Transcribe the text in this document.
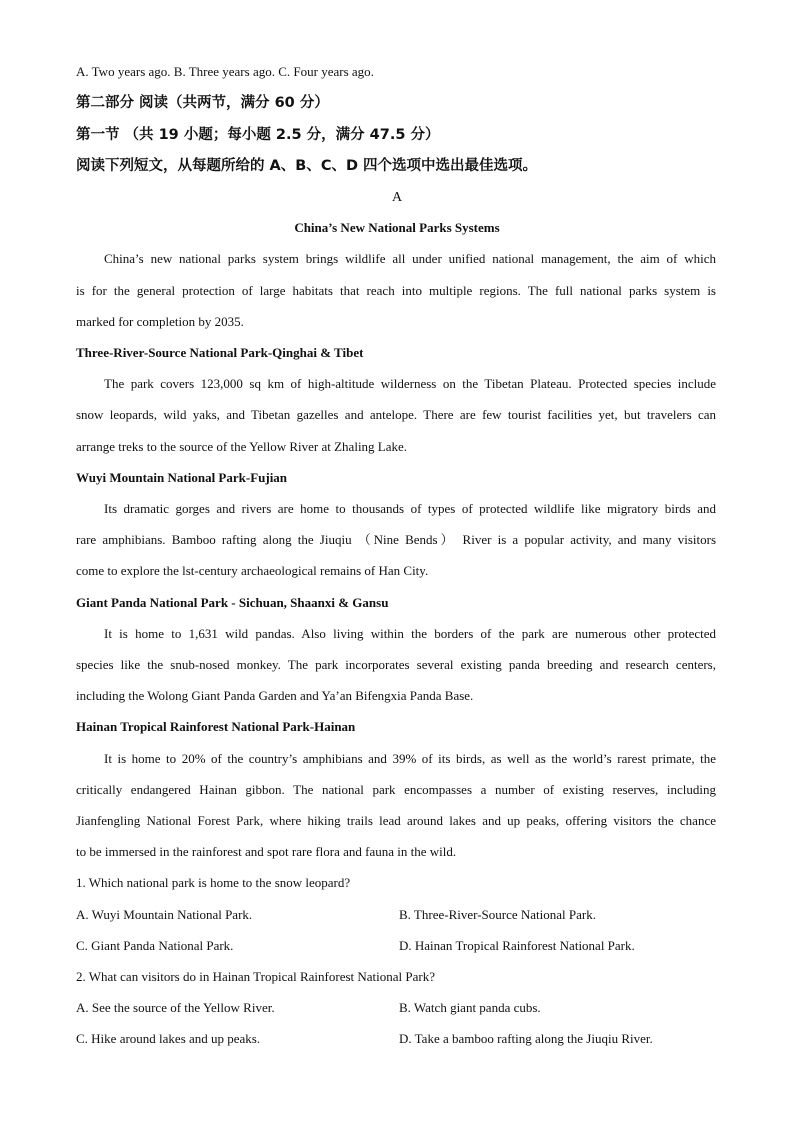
A. Two years ago. B. Three years ago. C. Four years ago.
第二部分 阅读（共两节，满分 60 分）
第一节 （共 19 小题；每小题 2.5 分，满分 47.5 分）
阅读下列短文，从每题所给的 A、B、C、D 四个选项中选出最佳选项。
A
China’s New National Parks Systems
China’s new national parks system brings wildlife all under unified national management, the aim of which
is for the general protection of large habitats that reach into multiple regions. The full national parks system is
marked for completion by 2035.
Three-River-Source National Park-Qinghai & Tibet
The park covers 123,000 sq km of high-altitude wilderness on the Tibetan Plateau. Protected species include
snow leopards, wild yaks, and Tibetan gazelles and antelope. There are few tourist facilities yet, but travelers can
arrange treks to the source of the Yellow River at Zhaling Lake.
Wuyi Mountain National Park-Fujian
Its dramatic gorges and rivers are home to thousands of types of protected wildlife like migratory birds and
rare amphibians. Bamboo rafting along the Jiuqiu （Nine Bends） River is a popular activity, and many visitors
come to explore the lst-century archaeological remains of Han City.
Giant Panda National Park - Sichuan, Shaanxi & Gansu
It is home to 1,631 wild pandas. Also living within the borders of the park are numerous other protected
species like the snub-nosed monkey. The park incorporates several existing panda breeding and research centers,
including the Wolong Giant Panda Garden and Ya’an Bifengxia Panda Base.
Hainan Tropical Rainforest National Park-Hainan
It is home to 20% of the country’s amphibians and 39% of its birds, as well as the world’s rarest primate, the
critically endangered Hainan gibbon. The national park encompasses a number of existing reserves, including
Jianfengling National Forest Park, where hiking trails lead around lakes and up peaks, offering visitors the chance
to be immersed in the rainforest and spot rare flora and fauna in the wild.
1. Which national park is home to the snow leopard?
A. Wuyi Mountain National Park.	B. Three-River-Source National Park.
C. Giant Panda National Park.	D. Hainan Tropical Rainforest National Park.
2. What can visitors do in Hainan Tropical Rainforest National Park?
A. See the source of the Yellow River.	B. Watch giant panda cubs.
C. Hike around lakes and up peaks.	D. Take a bamboo rafting along the Jiuqiu River.
